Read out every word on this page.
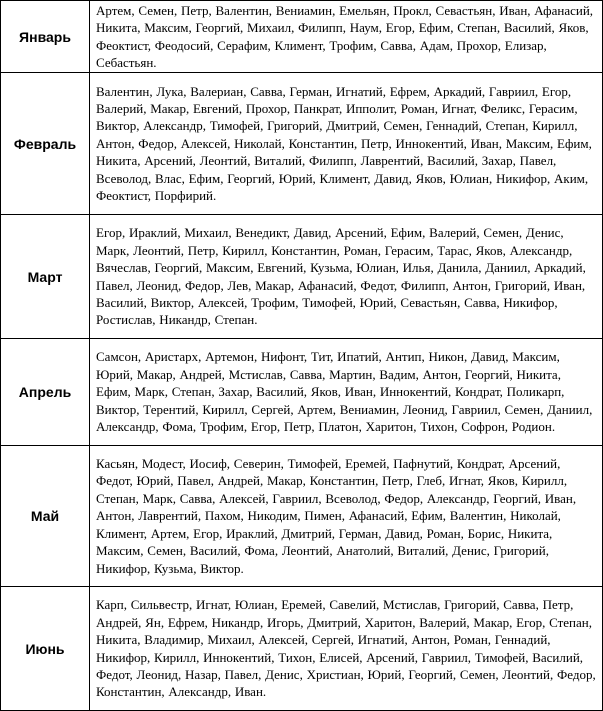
Январь	Артем, Семен, Петр, Валентин, Вениамин, Емельян, Прокл, Севастьян, Иван, Афанасий, Никита, Максим, Георгий, Михаил, Филипп, Наум, Егор, Ефим, Степан, Василий, Яков, Феоктист, Феодосий, Серафим, Климент, Трофим, Савва, Адам, Прохор, Елизар, Себастьян.
Февраль	Валентин, Лука, Валериан, Савва, Герман, Игнатий, Ефрем, Аркадий, Гавриил, Егор, Валерий, Макар, Евгений, Прохор, Панкрат, Ипполит, Роман, Игнат, Феликс, Герасим, Виктор, Александр, Тимофей, Григорий, Дмитрий, Семен, Геннадий, Степан, Кирилл, Антон, Федор, Алексей, Николай, Константин, Петр, Иннокентий, Иван, Максим, Ефим, Никита, Арсений, Леонтий, Виталий, Филипп, Лаврентий, Василий, Захар, Павел, Всеволод, Влас, Ефим, Георгий, Юрий, Климент, Давид, Яков, Юлиан, Никифор, Аким, Феоктист, Порфирий.
Март	Егор, Ираклий, Михаил, Венедикт, Давид, Арсений, Ефим, Валерий, Семен, Денис, Марк, Леонтий, Петр, Кирилл, Константин, Роман, Герасим, Тарас, Яков, Александр, Вячеслав, Георгий, Максим, Евгений, Кузьма, Юлиан, Илья, Данила, Даниил, Аркадий, Павел, Леонид, Федор, Лев, Макар, Афанасий, Федот, Филипп, Антон, Григорий, Иван, Василий, Виктор, Алексей, Трофим, Тимофей, Юрий, Севастьян, Савва, Никифор, Ростислав, Никандр, Степан.
Апрель	Самсон, Аристарх, Артемон, Нифонт, Тит, Ипатий, Антип, Никон, Давид, Максим, Юрий, Макар, Андрей, Мстислав, Савва, Мартин, Вадим, Антон, Георгий, Никита, Ефим, Марк, Степан, Захар, Василий, Яков, Иван, Иннокентий, Кондрат, Поликарп, Виктор, Терентий, Кирилл, Сергей, Артем, Вениамин, Леонид, Гавриил, Семен, Даниил, Александр, Фома, Трофим, Егор, Петр, Платон, Харитон, Тихон, Софрон, Родион.
Май	Касьян, Модест, Иосиф, Северин, Тимофей, Еремей, Пафнутий, Кондрат, Арсений, Федот, Юрий, Павел, Андрей, Макар, Константин, Петр, Глеб, Игнат, Яков, Кирилл, Степан, Марк, Савва, Алексей, Гавриил, Всеволод, Федор, Александр, Георгий, Иван, Антон, Лаврентий, Пахом, Никодим, Пимен, Афанасий, Ефим, Валентин, Николай, Климент, Артем, Егор, Ираклий, Дмитрий, Герман, Давид, Роман, Борис, Никита, Максим, Семен, Василий, Фома, Леонтий, Анатолий, Виталий, Денис, Григорий, Никифор, Кузьма, Виктор.
Июнь	Карп, Сильвестр, Игнат, Юлиан, Еремей, Савелий, Мстислав, Григорий, Савва, Петр, Андрей, Ян, Ефрем, Никандр, Игорь, Дмитрий, Харитон, Валерий, Макар, Егор, Степан, Никита, Владимир, Михаил, Алексей, Сергей, Игнатий, Антон, Роман, Геннадий, Никифор, Кирилл, Иннокентий, Тихон, Елисей, Арсений, Гавриил, Тимофей, Василий, Федот, Леонид, Назар, Павел, Денис, Христиан, Юрий, Георгий, Семен, Леонтий, Федор, Константин, Александр, Иван.
